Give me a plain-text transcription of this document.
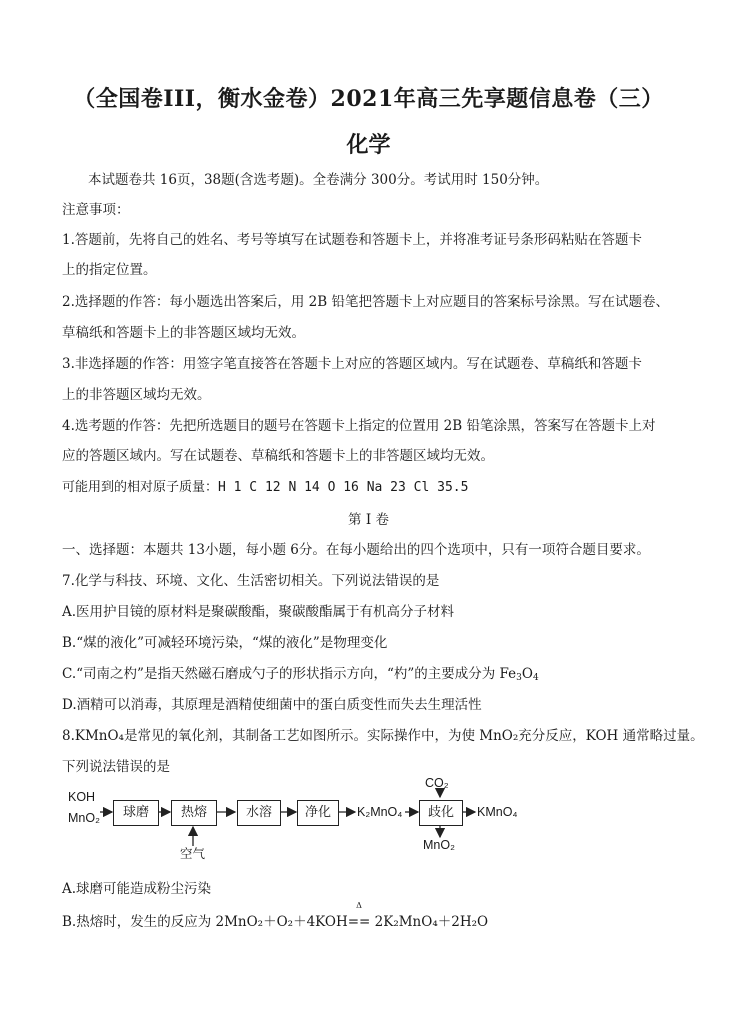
（全国卷III，衡水金卷）2021年高三先享题信息卷（三）
化学
本试题卷共 16页，38题(含选考题)。全卷满分 300分。考试用时 150分钟。
注意事项：
1.答题前，先将自己的姓名、考号等填写在试题卷和答题卡上，并将准考证号条形码粘贴在答题卡
上的指定位置。
2.选择题的作答：每小题选出答案后，用 2B 铅笔把答题卡上对应题目的答案标号涂黑。写在试题卷、
草稿纸和答题卡上的非答题区域均无效。
3.非选择题的作答：用签字笔直接答在答题卡上对应的答题区域内。写在试题卷、草稿纸和答题卡
上的非答题区域均无效。
4.选考题的作答：先把所选题目的题号在答题卡上指定的位置用 2B 铅笔涂黑，答案写在答题卡上对
应的答题区域内。写在试题卷、草稿纸和答题卡上的非答题区域均无效。
可能用到的相对原子质量：H 1 C 12 N 14 O 16 Na 23 Cl 35.5
第 I 卷
一、选择题：本题共 13小题，每小题 6分。在每小题给出的四个选项中，只有一项符合题目要求。
7.化学与科技、环境、文化、生活密切相关。下列说法错误的是
A.医用护目镜的原材料是聚碳酸酯，聚碳酸酯属于有机高分子材料
B.“煤的液化”可减轻环境污染，“煤的液化”是物理变化
C.“司南之杓”是指天然磁石磨成勺子的形状指示方向，“杓”的主要成分为 $Fe_3O_4$
D.酒精可以消毒，其原理是酒精使细菌中的蛋白质变性而失去生理活性
8.KMnO₄是常见的氧化剂，其制备工艺如图所示。实际操作中，为使 MnO₂充分反应，KOH 通常略过量。
下列说法错误的是
KOH
MnO₂	球磨	热熔	水溶	净化	K₂MnO₄	歧化	KMnO₄
空气
CO₂
MnO₂
A.球磨可能造成粉尘污染
B.热熔时，发生的反应为 2MnO₂＋O₂＋4KOH
Δ
== 2K₂MnO₄＋2H₂O
